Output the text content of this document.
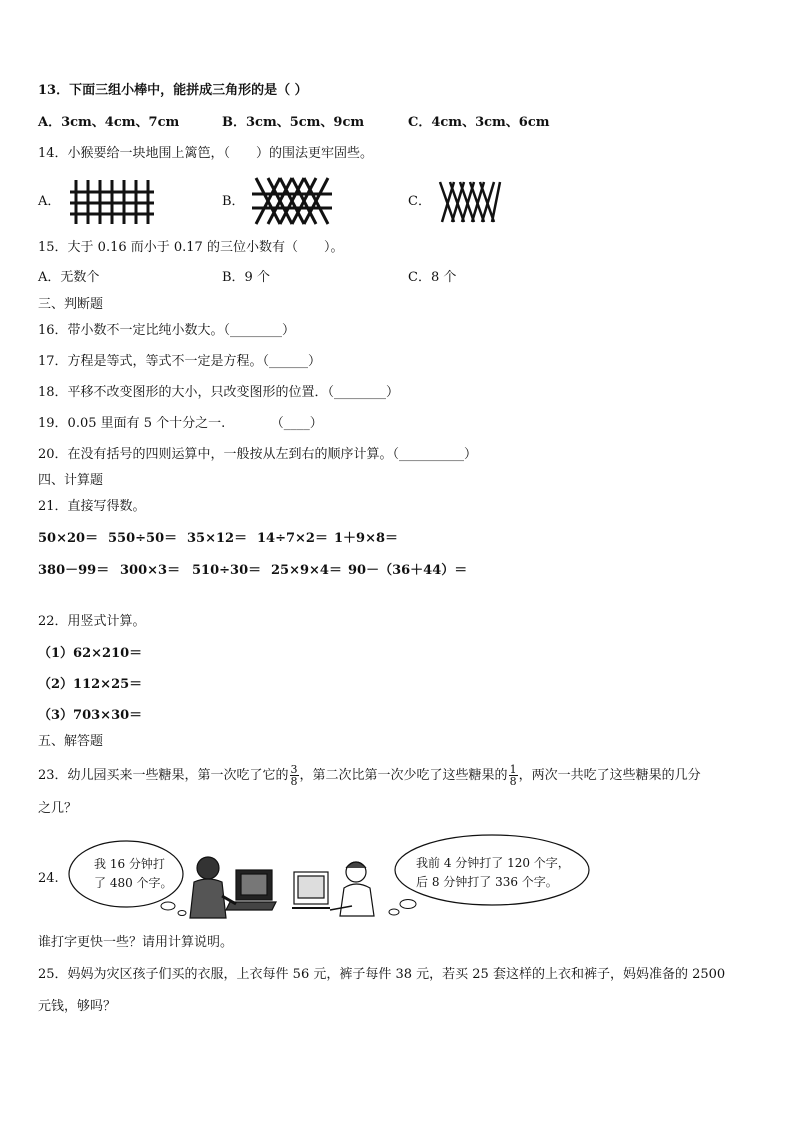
13．下面三组小棒中，能拼成三角形的是（ ）
A．3cm、4cm、7cm	B．3cm、5cm、9cm	C．4cm、3cm、6cm
14．小猴要给一块地围上篱笆，（　　）的围法更牢固些。
A．	B．	C．
15．大于 0.16 而小于 0.17 的三位小数有（　　）。
A．无数个	B．9 个	C．8 个
三、判断题
16．带小数不一定比纯小数大。（________）
17．方程是等式，等式不一定是方程。（______）
18．平移不改变图形的大小，只改变图形的位置．（________）
19．0.05 里面有 5 个十分之一.　　　　（____）
20．在没有括号的四则运算中，一般按从左到右的顺序计算。（__________）
四、计算题
21．直接写得数。
50×20＝ 550÷50＝ 35×12＝ 14÷7×2＝ 1＋9×8＝
380－99＝ 300×3＝ 510÷30＝ 25×9×4＝ 90－（36＋44）＝
22．用竖式计算。
（1）62×210＝
（2）112×25＝
（3）703×30＝
五、解答题
23．幼儿园买来一些糖果，第一次吃了它的 $\frac{3}{8}$ ，第二次比第一次少吃了这些糖果的 $\frac{1}{8}$ ，两次一共吃了这些糖果的几分
之几？
24.
我 16 分钟打
了 480 个字。
我前 4 分钟打了 120 个字，
后 8 分钟打了 336 个字。
谁打字更快一些？请用计算说明。
25．妈妈为灾区孩子们买的衣服，上衣每件 56 元，裤子每件 38 元，若买 25 套这样的上衣和裤子，妈妈准备的 2500
元钱，够吗？
